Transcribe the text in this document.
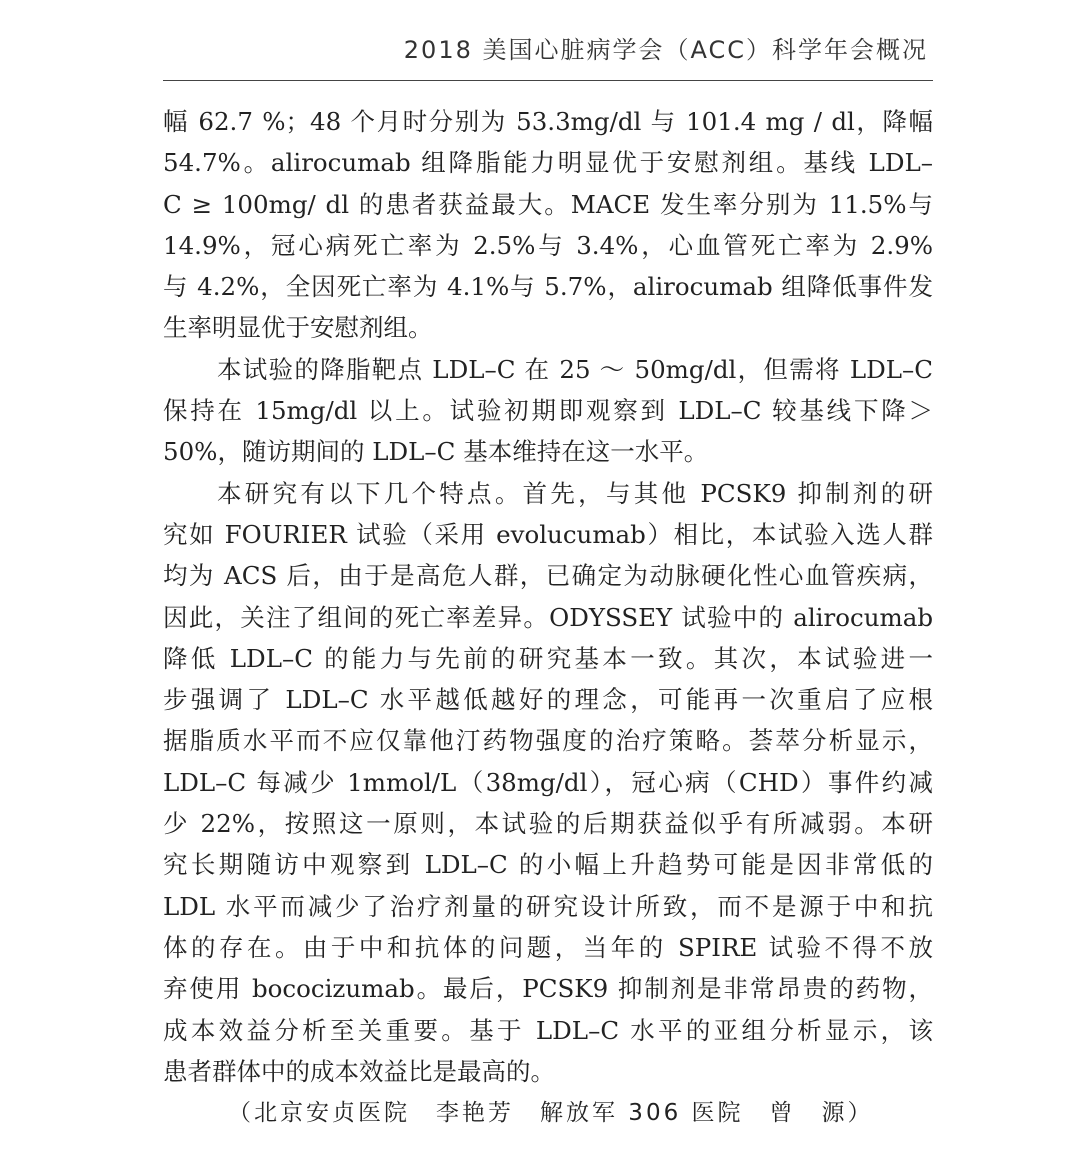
2018 美国心脏病学会（ACC）科学年会概况
幅 62.7 %；48 个月时分别为 53.3mg/dl 与 101.4 mg / dl，降幅
54.7%。alirocumab 组降脂能力明显优于安慰剂组。基线 LDL–
C ≥ 100mg/ dl 的患者获益最大。MACE 发生率分别为 11.5%与
14.9%，冠心病死亡率为 2.5%与 3.4%，心血管死亡率为 2.9%
与 4.2%，全因死亡率为 4.1%与 5.7%，alirocumab 组降低事件发
生率明显优于安慰剂组。
本试验的降脂靶点 LDL–C 在 25 ～ 50mg/dl，但需将 LDL–C
保持在 15mg/dl 以上。试验初期即观察到 LDL–C 较基线下降＞
50%，随访期间的 LDL–C 基本维持在这一水平。
本研究有以下几个特点。首先，与其他 PCSK9 抑制剂的研
究如 FOURIER 试验（采用 evolucumab）相比，本试验入选人群
均为 ACS 后，由于是高危人群，已确定为动脉硬化性心血管疾病，
因此，关注了组间的死亡率差异。ODYSSEY 试验中的 alirocumab
降低 LDL–C 的能力与先前的研究基本一致。其次，本试验进一
步强调了 LDL–C 水平越低越好的理念，可能再一次重启了应根
据脂质水平而不应仅靠他汀药物强度的治疗策略。荟萃分析显示，
LDL–C 每减少 1mmol/L（38mg/dl），冠心病（CHD）事件约减
少 22%，按照这一原则，本试验的后期获益似乎有所减弱。本研
究长期随访中观察到 LDL–C 的小幅上升趋势可能是因非常低的
LDL 水平而减少了治疗剂量的研究设计所致，而不是源于中和抗
体的存在。由于中和抗体的问题，当年的 SPIRE 试验不得不放
弃使用 bococizumab。最后，PCSK9 抑制剂是非常昂贵的药物，
成本效益分析至关重要。基于 LDL–C 水平的亚组分析显示，该
患者群体中的成本效益比是最高的。
（北京安贞医院　李艳芳　解放军 306 医院　曾　源）
